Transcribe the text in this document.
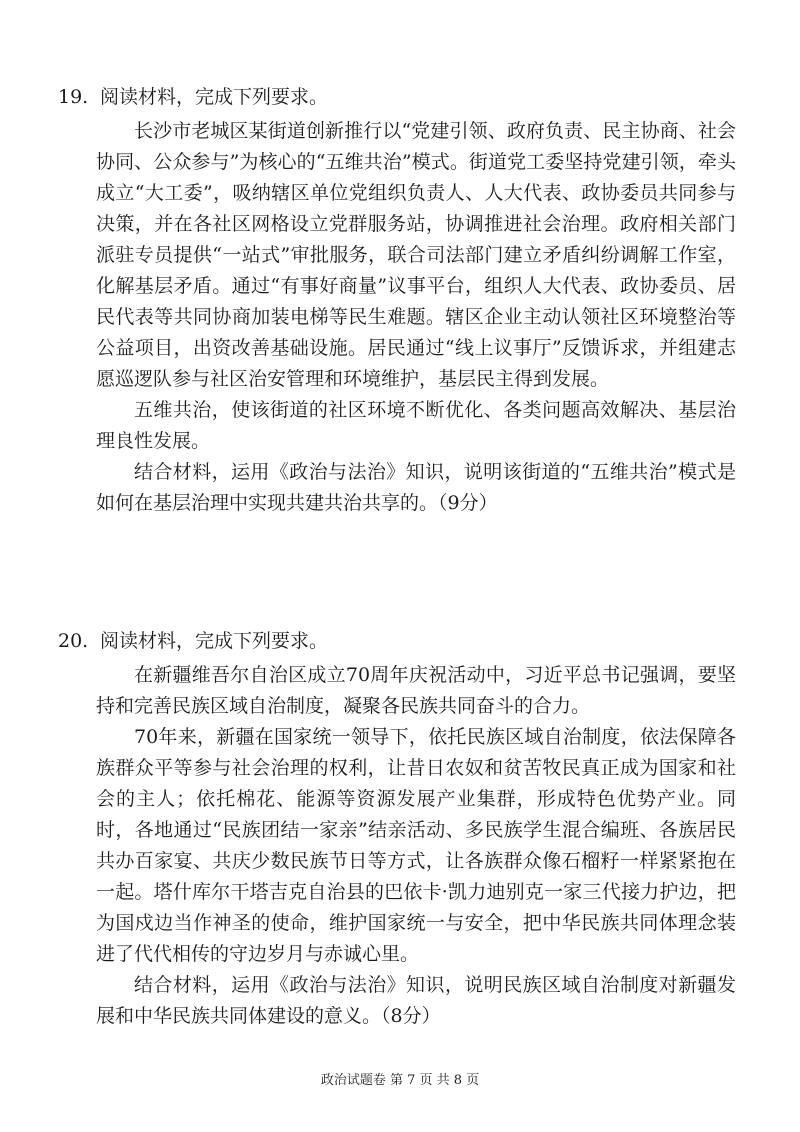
19. 阅读材料，完成下列要求。

长沙市老城区某街道创新推行以“党建引领、政府负责、民主协商、社会协同、公众参与”为核心的“五维共治”模式。街道党工委坚持党建引领，牵头成立“大工委”，吸纳辖区单位党组织负责人、人大代表、政协委员共同参与决策，并在各社区网格设立党群服务站，协调推进社会治理。政府相关部门派驻专员提供“一站式”审批服务，联合司法部门建立矛盾纠纷调解工作室，化解基层矛盾。通过“有事好商量”议事平台，组织人大代表、政协委员、居民代表等共同协商加装电梯等民生难题。辖区企业主动认领社区环境整治等公益项目，出资改善基础设施。居民通过“线上议事厅”反馈诉求，并组建志愿巡逻队参与社区治安管理和环境维护，基层民主得到发展。

五维共治，使该街道的社区环境不断优化、各类问题高效解决、基层治理良性发展。

结合材料，运用《政治与法治》知识，说明该街道的“五维共治”模式是如何在基层治理中实现共建共治共享的。（9分）

20. 阅读材料，完成下列要求。

在新疆维吾尔自治区成立70周年庆祝活动中，习近平总书记强调，要坚持和完善民族区域自治制度，凝聚各民族共同奋斗的合力。

70年来，新疆在国家统一领导下，依托民族区域自治制度，依法保障各族群众平等参与社会治理的权利，让昔日农奴和贫苦牧民真正成为国家和社会的主人；依托棉花、能源等资源发展产业集群，形成特色优势产业。同时，各地通过“民族团结一家亲”结亲活动、多民族学生混合编班、各族居民共办百家宴、共庆少数民族节日等方式，让各族群众像石榴籽一样紧紧抱在一起。塔什库尔干塔吉克自治县的巴依卡·凯力迪别克一家三代接力护边，把为国戍边当作神圣的使命，维护国家统一与安全，把中华民族共同体理念装进了代代相传的守边岁月与赤诚心里。

结合材料，运用《政治与法治》知识，说明民族区域自治制度对新疆发展和中华民族共同体建设的意义。（8分）

政治试题卷 第 7 页 共 8 页
